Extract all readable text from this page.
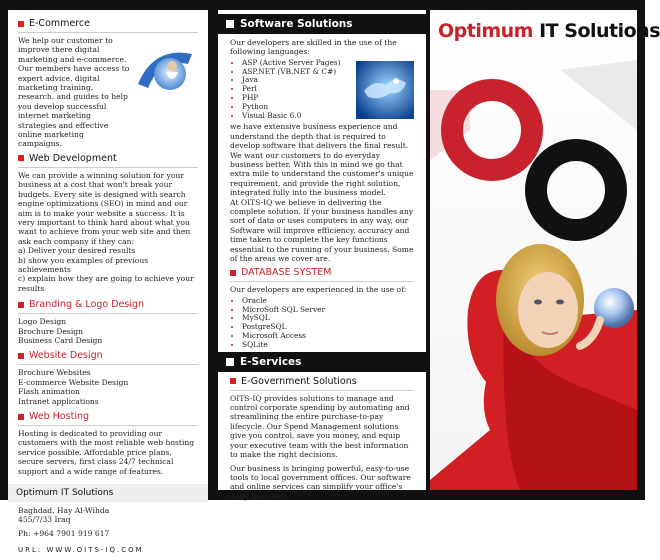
E-Commerce

We help our customer to improve there digital marketing and e-commerce. Our members have access to expert advice, digital marketing training, research, and guides to help you develop successful internet marketing strategies and effective online marketing campaigns.

Web Development

We can provide a winning solution for your business at a cost that won't break your budgets. Every site is designed with search engine optimizations (SEO) in mind and our aim is to make your website a success. It is very important to think hard about what you want to achieve from your web site and then ask each company if they can:

a) Deliver your desired results

b) show you examples of previous achievements

c) explain how they are going to achieve your results

Branding & Logo Design

Logo Design

Brochure Design

Business Card Design

Website Design

Brochure Websites

E-commerce Website Design

Flash animation

Intranet applications

Web Hosting

Hosting is dedicated to providing our customers with the most reliable web hosting service possible. Affordable price plans, secure servers, first class 24/7 technical support and a wide range of features.

Optimum IT Solutions

Baghdad, Hay Al-Wihda

455/7/33 Iraq

Ph: +964 7901 919 617

URL: WWW.OITS-IQ.COM

Software Solutions

Our developers are skilled in the use of the following languages:

• ASP (Active Server Pages)
• ASP.NET (VB.NET & C#)
• Java
• Perl
• PHP
• Python
• Visual Basic 6.0

we have extensive business experience and understand the depth that is required to develop software that delivers the final result. We want our customers to do everyday business better. With this in mind we go that extra mile to understand the customer's unique requirement, and provide the right solution, integrated fully into the business model.

At OITS-IQ we believe in delivering the complete solution. If your business handles any sort of data or uses computers in any way, our Software will improve efficiency, accuracy and time taken to complete the key functions essential to the running of your business. Some of the areas we cover are.

DATABASE SYSTEM

Our developers are experienced in the use of:

• Oracle
• MicroSoft SQL Server
• MySQL
• PostgreSQL
• Microsoft Access
• SQLite
E-Services
E-Government Solutions

OITS-IQ provides solutions to manage and control corporate spending by automating and streamlining the entire purchase-to-pay lifecycle. Our Spend Management solutions give you control, save you money, and equip your executive team with the best information to make the right decisions.

Our business is bringing powerful, easy-to-use tools to local government offices. Our software and online services can simplify your office's daily business.

Optimum IT Solutions
